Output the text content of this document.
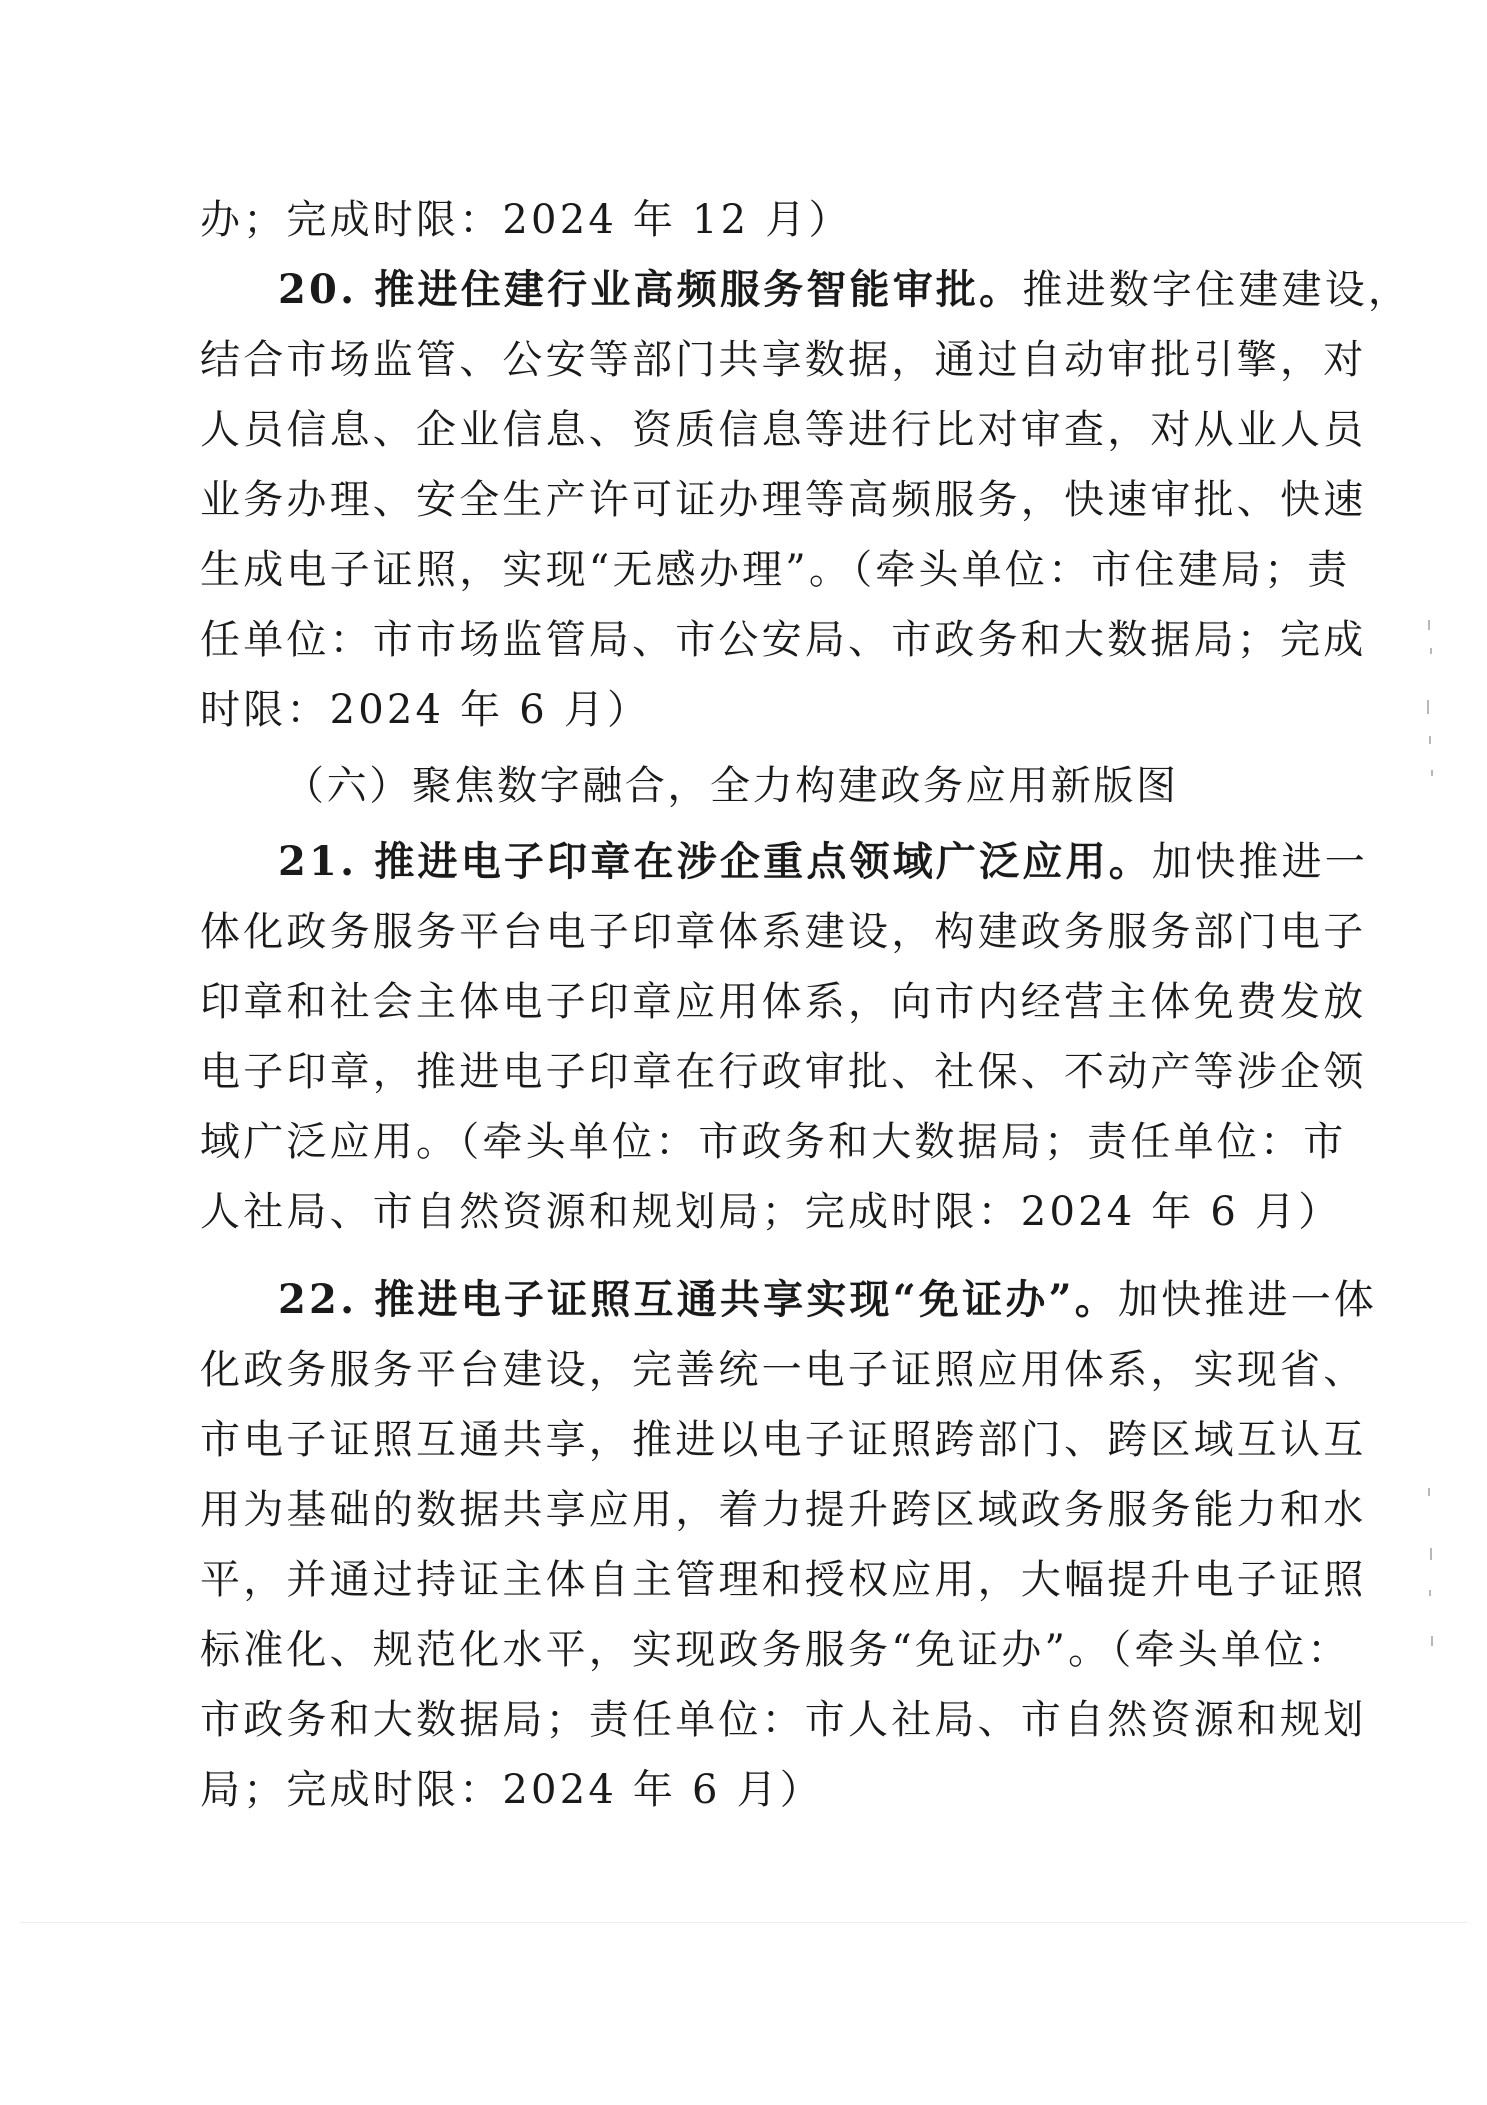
办；完成时限：2024 年 12 月）
20. 推进住建行业高频服务智能审批。推进数字住建建设，
结合市场监管、公安等部门共享数据，通过自动审批引擎，对
人员信息、企业信息、资质信息等进行比对审查，对从业人员
业务办理、安全生产许可证办理等高频服务，快速审批、快速
生成电子证照，实现“无感办理”。（牵头单位：市住建局；责
任单位：市市场监管局、市公安局、市政务和大数据局；完成
时限：2024 年 6 月）
（六）聚焦数字融合，全力构建政务应用新版图
21. 推进电子印章在涉企重点领域广泛应用。加快推进一
体化政务服务平台电子印章体系建设，构建政务服务部门电子
印章和社会主体电子印章应用体系，向市内经营主体免费发放
电子印章，推进电子印章在行政审批、社保、不动产等涉企领
域广泛应用。（牵头单位：市政务和大数据局；责任单位：市
人社局、市自然资源和规划局；完成时限：2024 年 6 月）
22. 推进电子证照互通共享实现“免证办”。加快推进一体
化政务服务平台建设，完善统一电子证照应用体系，实现省、
市电子证照互通共享，推进以电子证照跨部门、跨区域互认互
用为基础的数据共享应用，着力提升跨区域政务服务能力和水
平，并通过持证主体自主管理和授权应用，大幅提升电子证照
标准化、规范化水平，实现政务服务“免证办”。（牵头单位：
市政务和大数据局；责任单位：市人社局、市自然资源和规划
局；完成时限：2024 年 6 月）
